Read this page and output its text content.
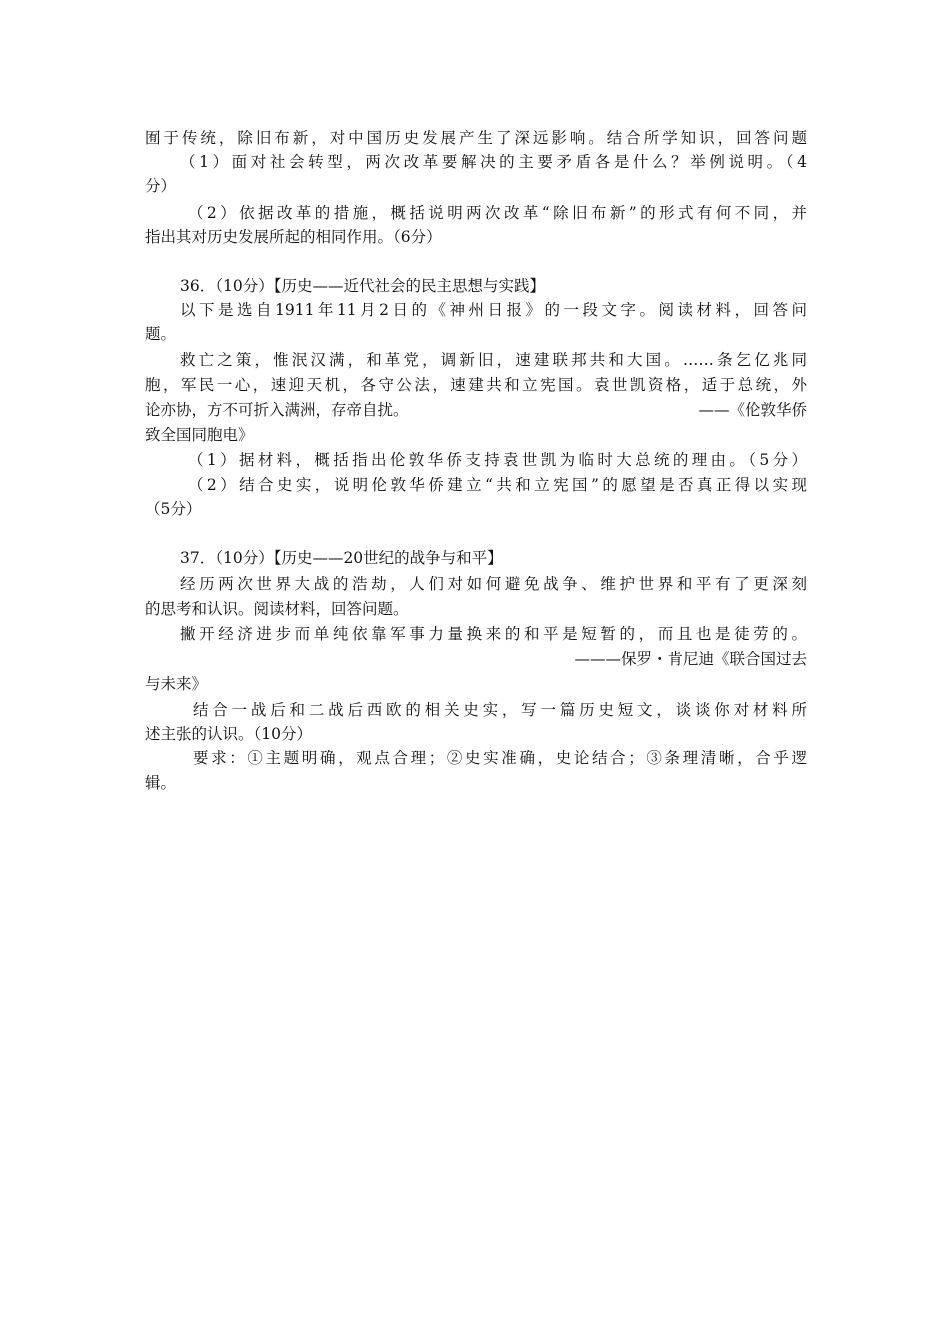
囿于传统，除旧布新，对中国历史发展产生了深远影响。结合所学知识，回答问题
（1）面对社会转型，两次改革要解决的主要矛盾各是什么？举例说明。（4
分）
（2）依据改革的措施，概括说明两次改革“除旧布新”的形式有何不同，并
指出其对历史发展所起的相同作用。（6分）
36．（10分）【历史——近代社会的民主思想与实践】
以下是选自1911年11月2日的《神州日报》的一段文字。阅读材料，回答问
题。
救亡之策，惟泯汉满，和革党，调新旧，速建联邦共和大国。……条乞亿兆同
胞，军民一心，速迎天机，各守公法，速建共和立宪国。袁世凯资格，适于总统，外
论亦协，方不可折入满洲，存帝自扰。	——《伦敦华侨
致全国同胞电》
（1）据材料，概括指出伦敦华侨支持袁世凯为临时大总统的理由。（5分）
（2）结合史实，说明伦敦华侨建立“共和立宪国”的愿望是否真正得以实现
（5分）
37．（10分）【历史——20世纪的战争与和平】
经历两次世界大战的浩劫，人们对如何避免战争、维护世界和平有了更深刻
的思考和认识。阅读材料，回答问题。
撇开经济进步而单纯依靠军事力量换来的和平是短暂的，而且也是徒劳的。
———保罗・肯尼迪《联合国过去
与未来》
结合一战后和二战后西欧的相关史实，写一篇历史短文，谈谈你对材料所
述主张的认识。（10分）
要求：①主题明确，观点合理；②史实准确，史论结合；③条理清晰，合乎逻
辑。
